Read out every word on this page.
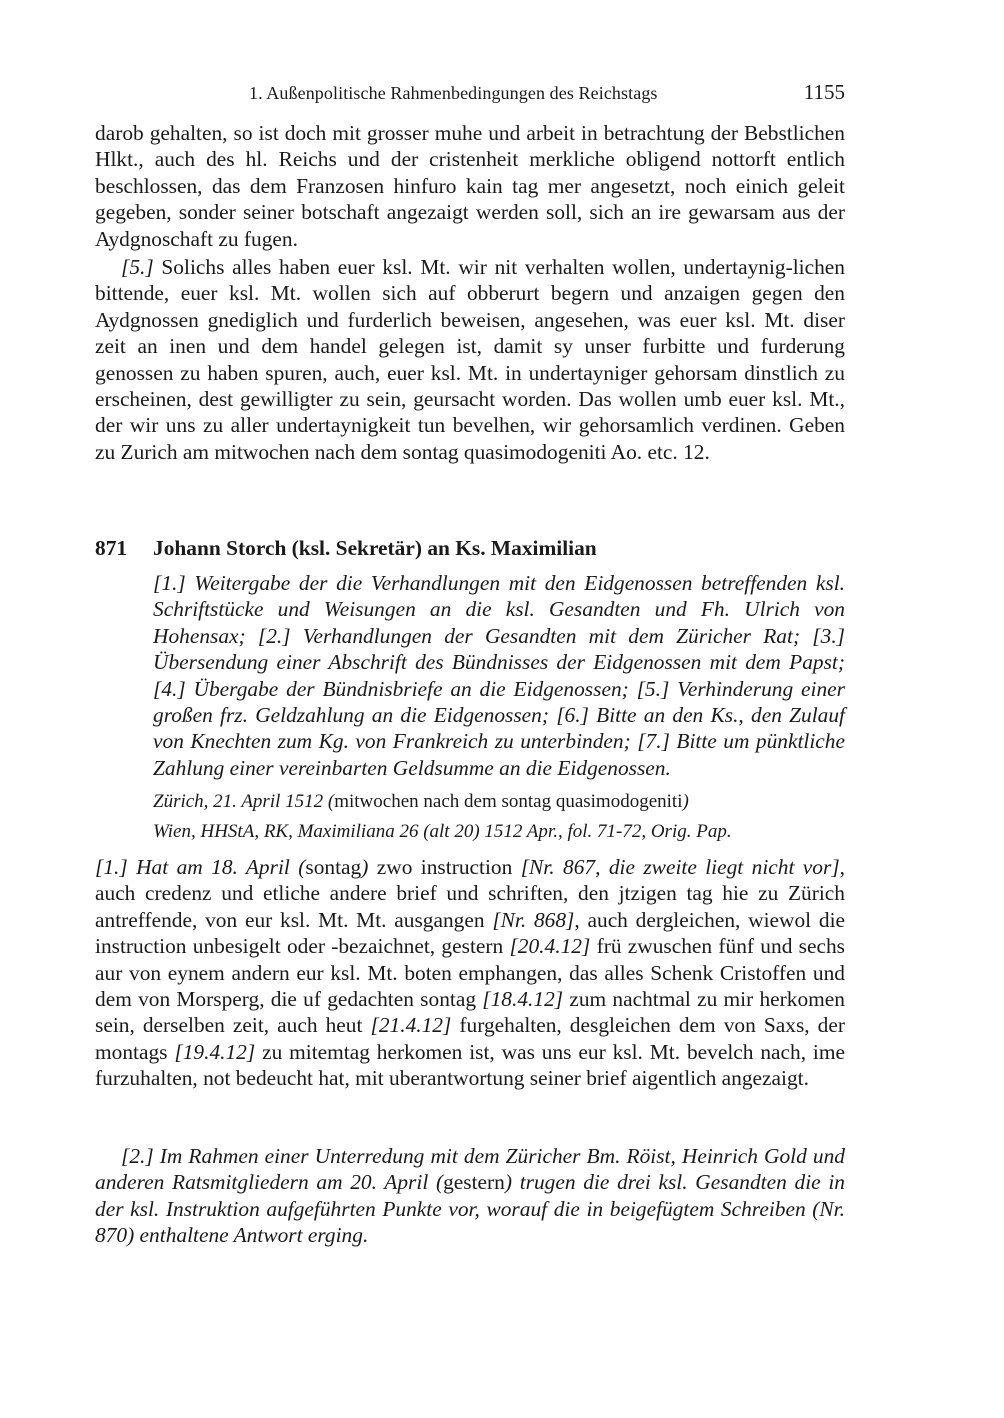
1. Außenpolitische Rahmenbedingungen des Reichstags	1155

darob gehalten, so ist doch mit grosser muhe und arbeit in betrachtung der Bebstlichen Hlkt., auch des hl. Reichs und der cristenheit merkliche obligend nottorft entlich beschlossen, das dem Franzosen hinfuro kain tag mer angesetzt, noch einich geleit gegeben, sonder seiner botschaft angezaigt werden soll, sich an ire gewarsam aus der Aydgnoschaft zu fugen.

[5.] Solichs alles haben euer ksl. Mt. wir nit verhalten wollen, undertaynig-lichen bittende, euer ksl. Mt. wollen sich auf obberurt begern und anzaigen gegen den Aydgnossen gnediglich und furderlich beweisen, angesehen, was euer ksl. Mt. diser zeit an inen und dem handel gelegen ist, damit sy unser furbitte und furderung genossen zu haben spuren, auch, euer ksl. Mt. in undertayniger gehorsam dinstlich zu erscheinen, dest gewilligter zu sein, geursacht worden. Das wollen umb euer ksl. Mt., der wir uns zu aller undertaynigkeit tun bevelhen, wir gehorsamlich verdinen. Geben zu Zurich am mitwochen nach dem sontag quasimodogeniti Ao. etc. 12.

871 Johann Storch (ksl. Sekretär) an Ks. Maximilian

[1.] Weitergabe der die Verhandlungen mit den Eidgenossen betreffenden ksl. Schriftstücke und Weisungen an die ksl. Gesandten und Fh. Ulrich von Hohensax; [2.] Verhandlungen der Gesandten mit dem Züricher Rat; [3.] Übersendung einer Abschrift des Bündnisses der Eidgenossen mit dem Papst; [4.] Übergabe der Bündnisbriefe an die Eidgenossen; [5.] Verhinderung einer großen frz. Geldzahlung an die Eidgenossen; [6.] Bitte an den Ks., den Zulauf von Knechten zum Kg. von Frankreich zu unterbinden; [7.] Bitte um pünktliche Zahlung einer vereinbarten Geldsumme an die Eidgenossen.

Zürich, 21. April 1512 (mitwochen nach dem sontag quasimodogeniti)
Wien, HHStA, RK, Maximiliana 26 (alt 20) 1512 Apr., fol. 71-72, Orig. Pap.

[1.] Hat am 18. April (sontag) zwo instruction [Nr. 867, die zweite liegt nicht vor], auch credenz und etliche andere brief und schriften, den jtzigen tag hie zu Zürich antreffende, von eur ksl. Mt. Mt. ausgangen [Nr. 868], auch dergleichen, wiewol die instruction unbesigelt oder -bezaichnet, gestern [20.4.12] frü zwuschen fünf und sechs aur von eynem andern eur ksl. Mt. boten emphangen, das alles Schenk Cristoffen und dem von Morsperg, die uf gedachten sontag [18.4.12] zum nachtmal zu mir herkomen sein, derselben zeit, auch heut [21.4.12] furgehalten, desgleichen dem von Saxs, der montags [19.4.12] zu mitemtag herkomen ist, was uns eur ksl. Mt. bevelch nach, ime furzuhalten, not bedeucht hat, mit uberantwortung seiner brief aigentlich angezaigt.

[2.] Im Rahmen einer Unterredung mit dem Züricher Bm. Röist, Heinrich Gold und anderen Ratsmitgliedern am 20. April (gestern) trugen die drei ksl. Gesandten die in der ksl. Instruktion aufgeführten Punkte vor, worauf die in beigefügtem Schreiben (Nr. 870) enthaltene Antwort erging.
